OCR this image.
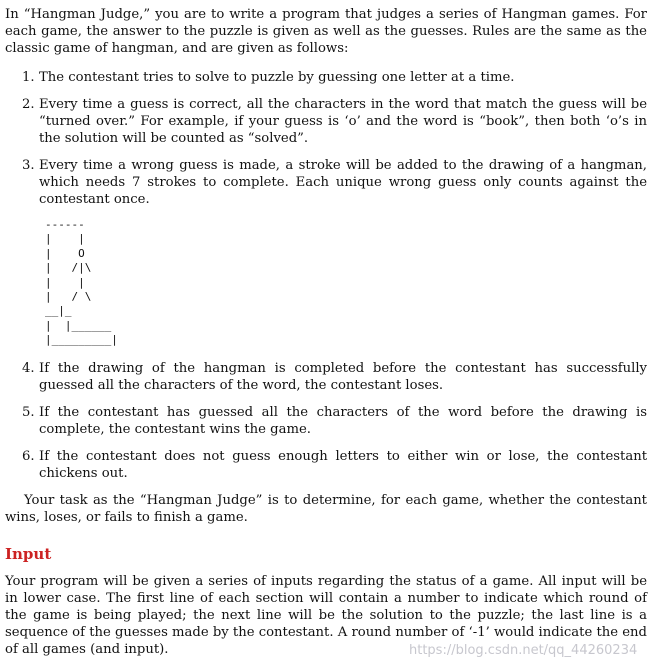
In “Hangman Judge,” you are to write a program that judges a series of Hangman games. For each game, the answer to the puzzle is given as well as the guesses. Rules are the same as the classic game of hangman, and are given as follows:

1. The contestant tries to solve to puzzle by guessing one letter at a time.
2. Every time a guess is correct, all the characters in the word that match the guess will be “turned over.” For example, if your guess is ‘o’ and the word is “book”, then both ‘o’s in the solution will be counted as “solved”.
3. Every time a wrong guess is made, a stroke will be added to the drawing of a hangman, which needs 7 strokes to complete. Each unique wrong guess only counts against the contestant once.
------
|    |
|    O
|   /|\
|    |
|   / \
__|_
|  |______
|_________|
4. If the drawing of the hangman is completed before the contestant has successfully guessed all the characters of the word, the contestant loses.
5. If the contestant has guessed all the characters of the word before the drawing is complete, the contestant wins the game.
6. If the contestant does not guess enough letters to either win or lose, the contestant chickens out.

Your task as the “Hangman Judge” is to determine, for each game, whether the contestant wins, loses, or fails to finish a game.

Input

Your program will be given a series of inputs regarding the status of a game. All input will be in lower case. The first line of each section will contain a number to indicate which round of the game is being played; the next line will be the solution to the puzzle; the last line is a sequence of the guesses made by the contestant. A round number of ‘-1’ would indicate the end of all games (and input).	https://blog.csdn.net/qq_44260234
